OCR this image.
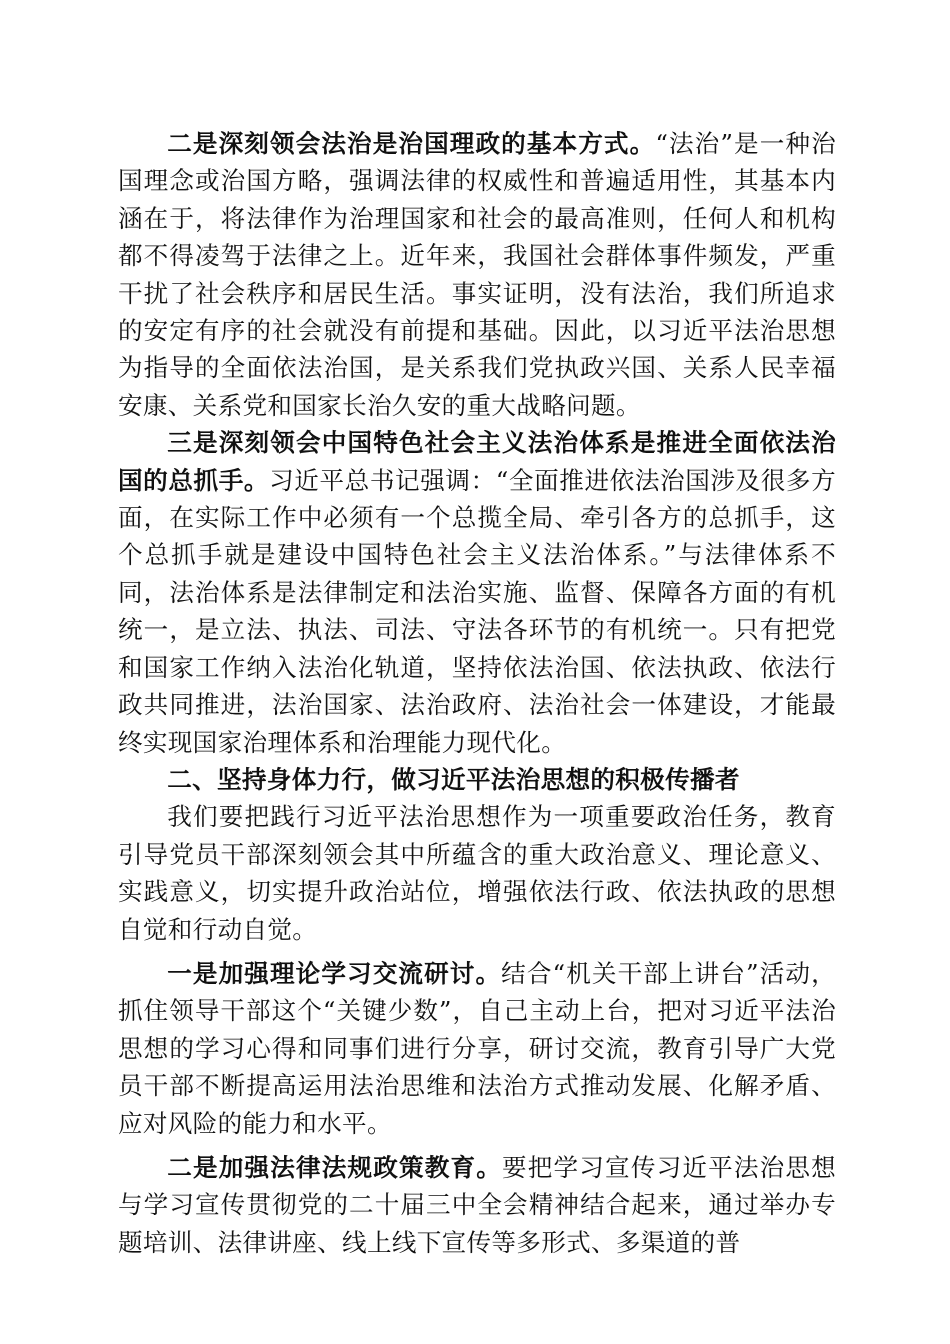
二是深刻领会法治是治国理政的基本方式。“法治”是一种治国理念或治国方略，强调法律的权威性和普遍适用性，其基本内涵在于，将法律作为治理国家和社会的最高准则，任何人和机构都不得凌驾于法律之上。近年来，我国社会群体事件频发，严重干扰了社会秩序和居民生活。事实证明，没有法治，我们所追求的安定有序的社会就没有前提和基础。因此，以习近平法治思想为指导的全面依法治国，是关系我们党执政兴国、关系人民幸福安康、关系党和国家长治久安的重大战略问题。

三是深刻领会中国特色社会主义法治体系是推进全面依法治国的总抓手。习近平总书记强调：“全面推进依法治国涉及很多方面，在实际工作中必须有一个总揽全局、牵引各方的总抓手，这个总抓手就是建设中国特色社会主义法治体系。”与法律体系不同，法治体系是法律制定和法治实施、监督、保障各方面的有机统一，是立法、执法、司法、守法各环节的有机统一。只有把党和国家工作纳入法治化轨道，坚持依法治国、依法执政、依法行政共同推进，法治国家、法治政府、法治社会一体建设，才能最终实现国家治理体系和治理能力现代化。

二、坚持身体力行，做习近平法治思想的积极传播者

我们要把践行习近平法治思想作为一项重要政治任务，教育引导党员干部深刻领会其中所蕴含的重大政治意义、理论意义、实践意义，切实提升政治站位，增强依法行政、依法执政的思想自觉和行动自觉。

一是加强理论学习交流研讨。结合“机关干部上讲台”活动，抓住领导干部这个“关键少数”，自己主动上台，把对习近平法治思想的学习心得和同事们进行分享，研讨交流，教育引导广大党员干部不断提高运用法治思维和法治方式推动发展、化解矛盾、应对风险的能力和水平。

二是加强法律法规政策教育。要把学习宣传习近平法治思想与学习宣传贯彻党的二十届三中全会精神结合起来，通过举办专题培训、法律讲座、线上线下宣传等多形式、多渠道的普
